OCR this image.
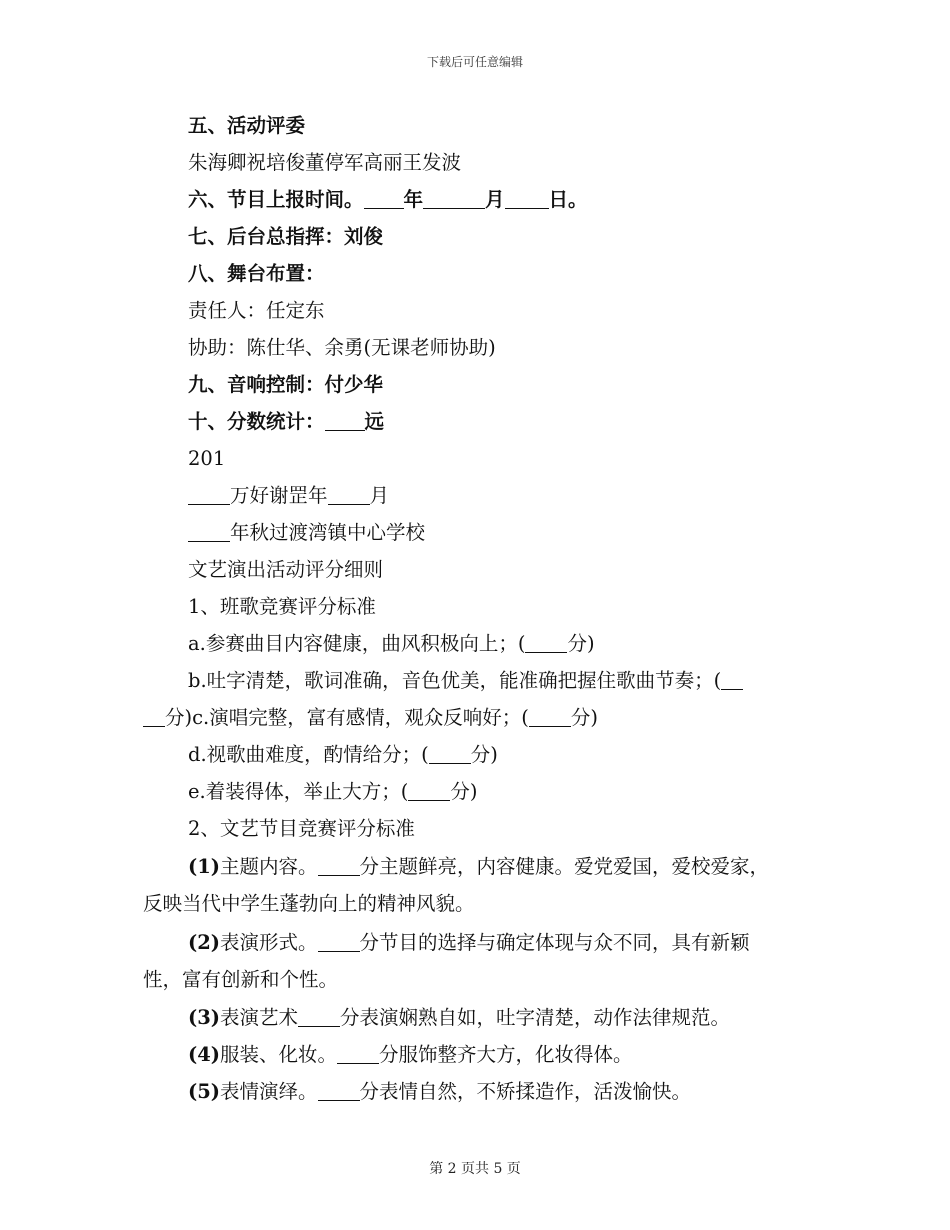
下载后可任意编辑
五、活动评委
朱海卿祝培俊董停军高丽王发波
六、节目上报时间。 年	月 日。
七、后台总指挥：刘俊
八、舞台布置：
责任人：任定东
协助：陈仕华、余勇(无课老师协助)
九、音响控制：付少华
十、分数统计： 远
201
万好谢罡年 月
年秋过渡湾镇中心学校
文艺演出活动评分细则
1、班歌竞赛评分标准
a.参赛曲目内容健康，曲风积极向上；( 分)
b.吐字清楚，歌词准确，音色优美，能准确把握住歌曲节奏；(
分)c.演唱完整，富有感情，观众反响好；( 分)
d.视歌曲难度，酌情给分；( 分)
e.着装得体，举止大方；( 分)
2、文艺节目竞赛评分标准
(1)主题内容。 分主题鲜亮，内容健康。爱党爱国，爱校爱家，
反映当代中学生蓬勃向上的精神风貌。
(2)表演形式。 分节目的选择与确定体现与众不同，具有新颖
性，富有创新和个性。
(3)表演艺术 分表演娴熟自如，吐字清楚，动作法律规范。
(4)服装、化妆。 分服饰整齐大方，化妆得体。
(5)表情演绎。 分表情自然，不矫揉造作，活泼愉快。
第 2 页共 5 页
